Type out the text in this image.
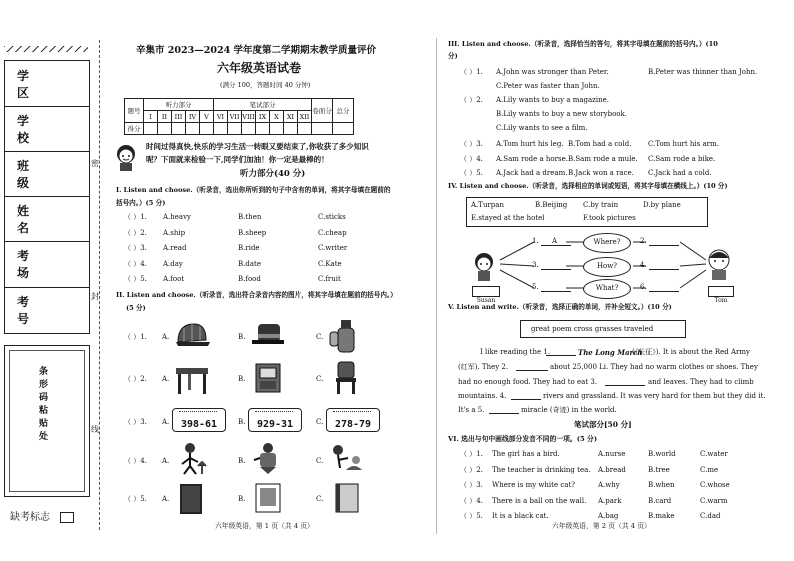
学 区
学 校
班 级
姓 名
考 场
考 号
条形码粘贴处
缺考标志
密
封
线
辛集市 2023—2024 学年度第二学期期末教学质量评价
六年级英语试卷
(满分 100，答题时间 40 分钟)
题号	听力部分					笔试部分							卷面分	总分
	I	II	III	IV	V	VI	VII	VIII	IX	X	XI	XII		
得分														
时间过得真快,快乐的学习生活一转眼又要结束了,你收获了多少知识
呢？下面就来检验一下,同学们加油！你一定是最棒的！
听力部分(40 分)
I. Listen and choose.（听录音，选出你所听到的句子中含有的单词，将其字母填在题前的
括号内。）(5 分)
（ ）1. A.heavy	B.then	C.sticks
（ ）2. A.ship	B.sheep	C.cheap
（ ）3. A.read	B.ride	C.writer
（ ）4. A.day	B.date	C.Kate
（ ）5. A.foot	B.food	C.fruit
II. Listen and choose.（听录音，选出符合录音内容的图片，将其字母填在题前的括号内。）
(5 分)
（ ）1. A.	B.	C.
（ ）2. A.	B.	C.
（ ）3. A.	B.	C.
（ ）4. A.	B.	C.
（ ）5. A.	B.	C.
398-61	929-31	278-79
六年级英语，第 1 页（共 4 页）
III. Listen and choose.（听录音，选择恰当的答句，将其字母填在题前的括号内。）(10
分)
（ ）1. A.John was stronger than Peter.	B.Peter was thinner than John.
C.Peter was faster than John.
（ ）2. A.Lily wants to buy a magazine.
B.Lily wants to buy a new storybook.
C.Lily wants to see a film.
（ ）3. A.Tom hurt his leg. B.Tom had a cold. C.Tom hurt his arm.
（ ）4. A.Sam rode a horse. B.Sam rode a mule. C.Sam rode a bike.
（ ）5. A.Jack had a dream. B.Jack won a race. C.Jack had a cold.
IV. Listen and choose.（听录音，选择相应的单词或短语，将其字母填在横线上。）(10 分)
A.Turpan	B.Beijing C.by train	D.by plane
E.stayed at the hotel	F.took pictures
Susan	Tom
1. A
3.
5.
2.
4.
6.
Where?
How?
What?
V. Listen and write.（听录音，选择正确的单词，并补全短文。）(10 分)
great poem cross grasses traveled
I like reading the 1.	The Long March
(《长征》). It is about the Red Army
(红军). They 2.	about 25,000 Li. They had no warm clothes or shoes. They
had no enough food. They had to eat 3.	and leaves. They had to climb
mountains. 4.	rivers and grassland. It was very hard for them but they did it.
It's a 5.	miracle (奇迹) in the world.
笔试部分[50 分]
VI. 选出与句中画线部分发音不同的一项。(5 分)
（ ）1. The girl has a bird.	A.nurse	B.world	C.water
（ ）2. The teacher is drinking tea. A.bread	B.tree	C.me
（ ）3. Where is my white cat?	A.why	B.when	C.whose
（ ）4. There is a ball on the wall. A.park	B.card	C.warm
（ ）5. It is a black cat.	A.bag	B.make	C.dad
六年级英语，第 2 页（共 4 页）
